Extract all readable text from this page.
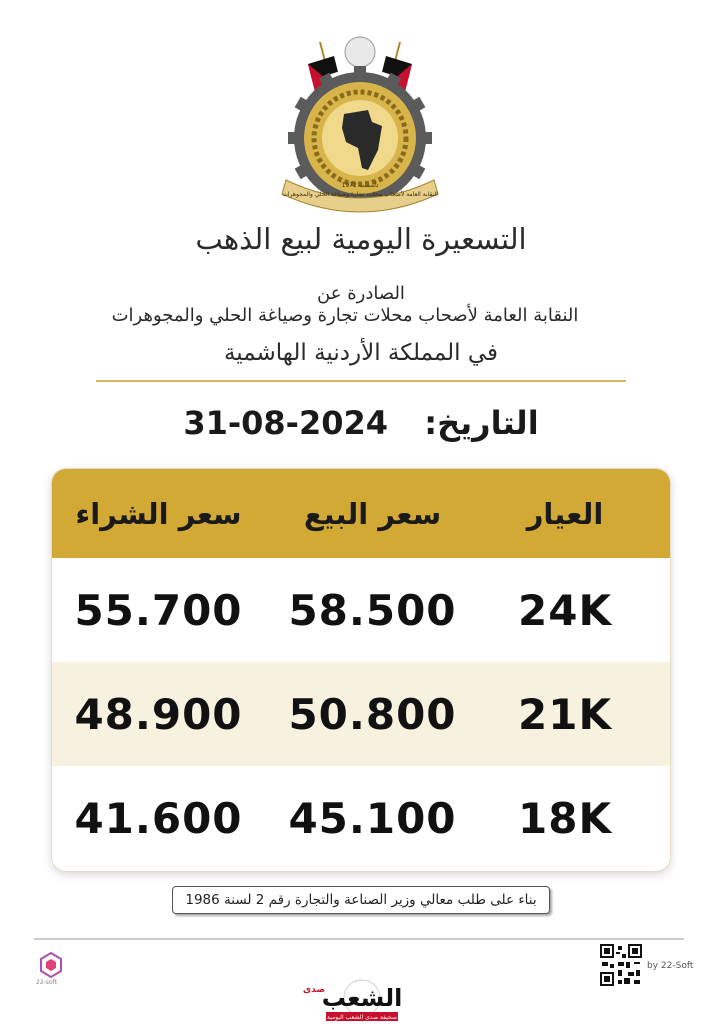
النقابة العامة لأصحاب محلات تجارة وصياغة الحلي والمجوهرات
تأسست 1972
التسعيرة اليومية لبيع الذهب
الصادرة عن
النقابة العامة لأصحاب محلات تجارة وصياغة الحلي والمجوهرات
في المملكة الأردنية الهاشمية
التاريخ:  31-08-2024
العيار
سعر البيع
سعر الشراء
24K
58.500
55.700
21K
50.800
48.900
18K
45.100
41.600
بناء على طلب معالي وزير الصناعة والتجارة رقم 2 لسنة 1986
22-soft
by 22-Soft
الشعب
صدى
صحيفة صدى الشعب اليومية
